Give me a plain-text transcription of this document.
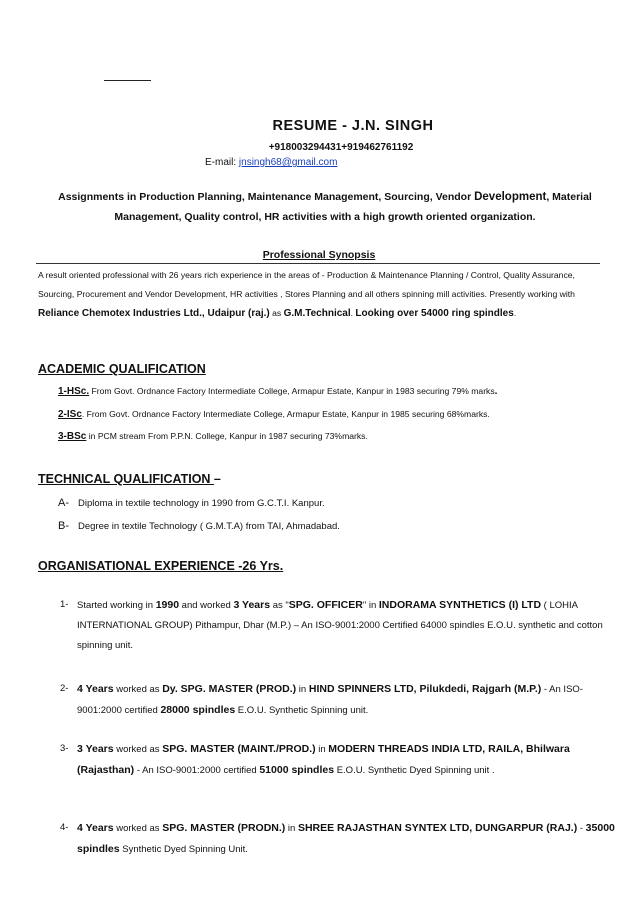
RESUME - J.N. SINGH
+918003294431+919462761192
E-mail: jnsingh68@gmail.com
Assignments in Production Planning, Maintenance Management, Sourcing, Vendor Development, Material
Management, Quality control, HR activities with a high growth oriented organization.
Professional Synopsis
A result oriented professional with 26 years rich experience in the areas of - Production & Maintenance Planning / Control, Quality Assurance, Sourcing, Procurement and Vendor Development, HR activities , Stores Planning and all others spinning mill activities. Presently working with Reliance Chemotex Industries Ltd., Udaipur (raj.) as G.M.Technical. Looking over 54000 ring spindles.
ACADEMIC QUALIFICATION
1-HSc. From Govt. Ordnance Factory Intermediate College, Armapur Estate, Kanpur in 1983 securing 79% marks.
2-ISc. From Govt. Ordnance Factory Intermediate College, Armapur Estate, Kanpur in 1985 securing 68%marks.
3-BSc in PCM stream From P.P.N. College, Kanpur in 1987 securing 73%marks.
TECHNICAL QUALIFICATION –
A- Diploma in textile technology in 1990 from G.C.T.I. Kanpur.
B- Degree in textile Technology ( G.M.T.A) from TAI, Ahmadabad.
ORGANISATIONAL EXPERIENCE -26 Yrs.
1- Started working in 1990 and worked 3 Years as "SPG. OFFICER" in INDORAMA SYNTHETICS (I) LTD ( LOHIA INTERNATIONAL GROUP) Pithampur, Dhar (M.P.) – An ISO-9001:2000 Certified 64000 spindles E.O.U. synthetic and cotton spinning unit.
2- 4 Years worked as Dy. SPG. MASTER (PROD.) in HIND SPINNERS LTD, Pilukdedi, Rajgarh (M.P.) - An ISO-9001:2000 certified 28000 spindles E.O.U. Synthetic Spinning unit.
3- 3 Years worked as SPG. MASTER (MAINT./PROD.) in MODERN THREADS INDIA LTD, RAILA, Bhilwara (Rajasthan) - An ISO-9001:2000 certified 51000 spindles E.O.U. Synthetic Dyed Spinning unit .
4- 4 Years worked as SPG. MASTER (PRODN.) in SHREE RAJASTHAN SYNTEX LTD, DUNGARPUR (RAJ.) - 35000 spindles Synthetic Dyed Spinning Unit.
